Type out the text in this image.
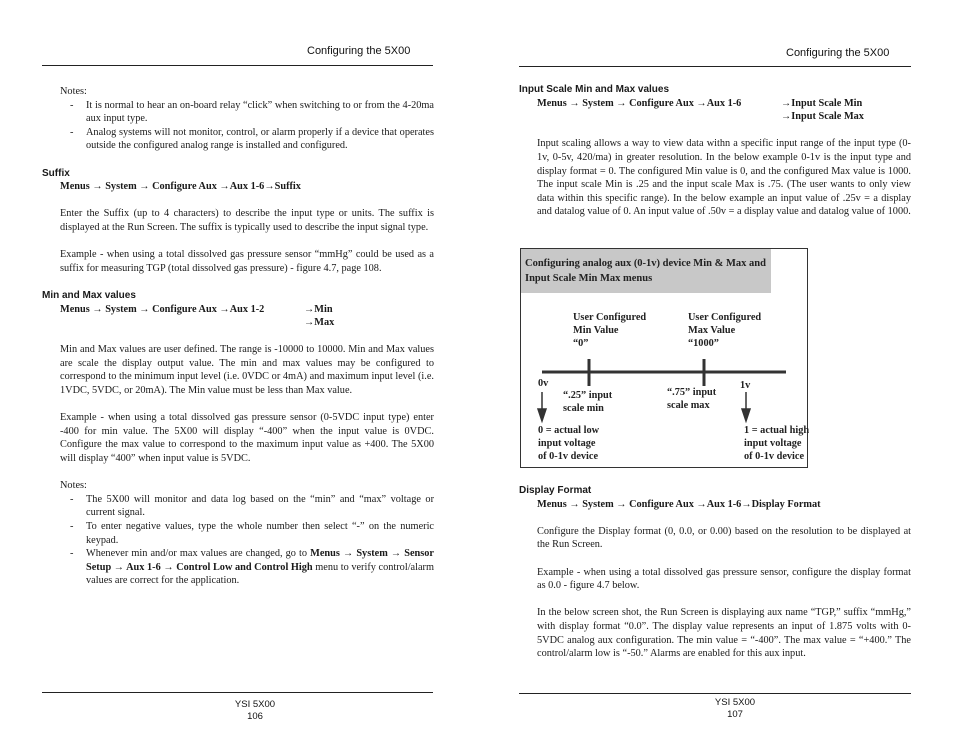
Configuring the 5X00

Notes:

- It is normal to hear an on-board relay “click” when switching to or from the 4-20ma aux input type.
- Analog systems will not monitor, control, or alarm properly if a device that operates outside the configured analog range is installed and configured.

Suffix

Menus → System → Configure Aux →Aux 1-6→Suffix

Enter the Suffix (up to 4 characters) to describe the input type or units. The suffix is displayed at the Run Screen. The suffix is typically used to describe the input signal type.

Example - when using a total dissolved gas pressure sensor “mmHg” could be used as a suffix for measuring TGP (total dissolved gas pressure) - figure 4.7, page 108.

Min and Max values

Menus → System → Configure Aux →Aux 1-2	→Min
→Max

Min and Max values are user defined. The range is -10000 to 10000. Min and Max values are scale the display output value. The min and max values may be configured to correspond to the minimum input level (i.e. 0VDC or 4mA) and maximum input level (i.e. 1VDC, 5VDC, or 20mA). The Min value must be less than Max value.

Example - when using a total dissolved gas pressure sensor (0-5VDC input type) enter -400 for min value. The 5X00 will display “-400” when the input value is 0VDC. Configure the max value to correspond to the maximum input value as +400. The 5X00 will display “400” when input value is 5VDC.

Notes:

- The 5X00 will monitor and data log based on the “min” and “max” voltage or current signal.
- To enter negative values, type the whole number then select “-” on the numeric keypad.
- Whenever min and/or max values are changed, go to Menus → System → Sensor Setup → Aux 1-6 → Control Low and Control High menu to verify control/alarm values are correct for the application.
YSI 5X00
106
Configuring the 5X00

Input Scale Min and Max values

Menus → System → Configure Aux →Aux 1-6	→Input Scale Min
→Input Scale Max

Input scaling allows a way to view data withn a specific input range of the input type (0-1v, 0-5v, 420/ma) in greater resolution. In the below example 0-1v is the input type and display format = 0. The configured Min value is 0, and the configured Max value is 1000. The input scale Min is .25 and the input scale Max is .75. (The user wants to only view data within this specific range). In the below example an input value of .25v = a display and datalog value of 0. An input value of .50v = a display value and datalog value of 1000.

Configuring analog aux (0-1v) device Min & Max and Input Scale Min Max menus
User Configured
Min Value
“0”
User Configured
Max Value
“1000”
0v	1v
“.25” input
scale min
“.75” input
scale max
0 = actual low
input voltage
of 0-1v device
1 = actual high
input voltage
of 0-1v device

Display Format

Menus → System → Configure Aux →Aux 1-6→Display Format

Configure the Display format (0, 0.0, or 0.00) based on the resolution to be displayed at the Run Screen.

Example - when using a total dissolved gas pressure sensor, configure the display format as 0.0 - figure 4.7 below.

In the below screen shot, the Run Screen is displaying aux name “TGP,” suffix “mmHg,” with display format “0.0”. The display value represents an input of 1.875 volts with 0-5VDC analog aux configuration. The min value = “-400”. The max value = “+400.” The control/alarm low is “-50.” Alarms are enabled for this aux input.

YSI 5X00
107
